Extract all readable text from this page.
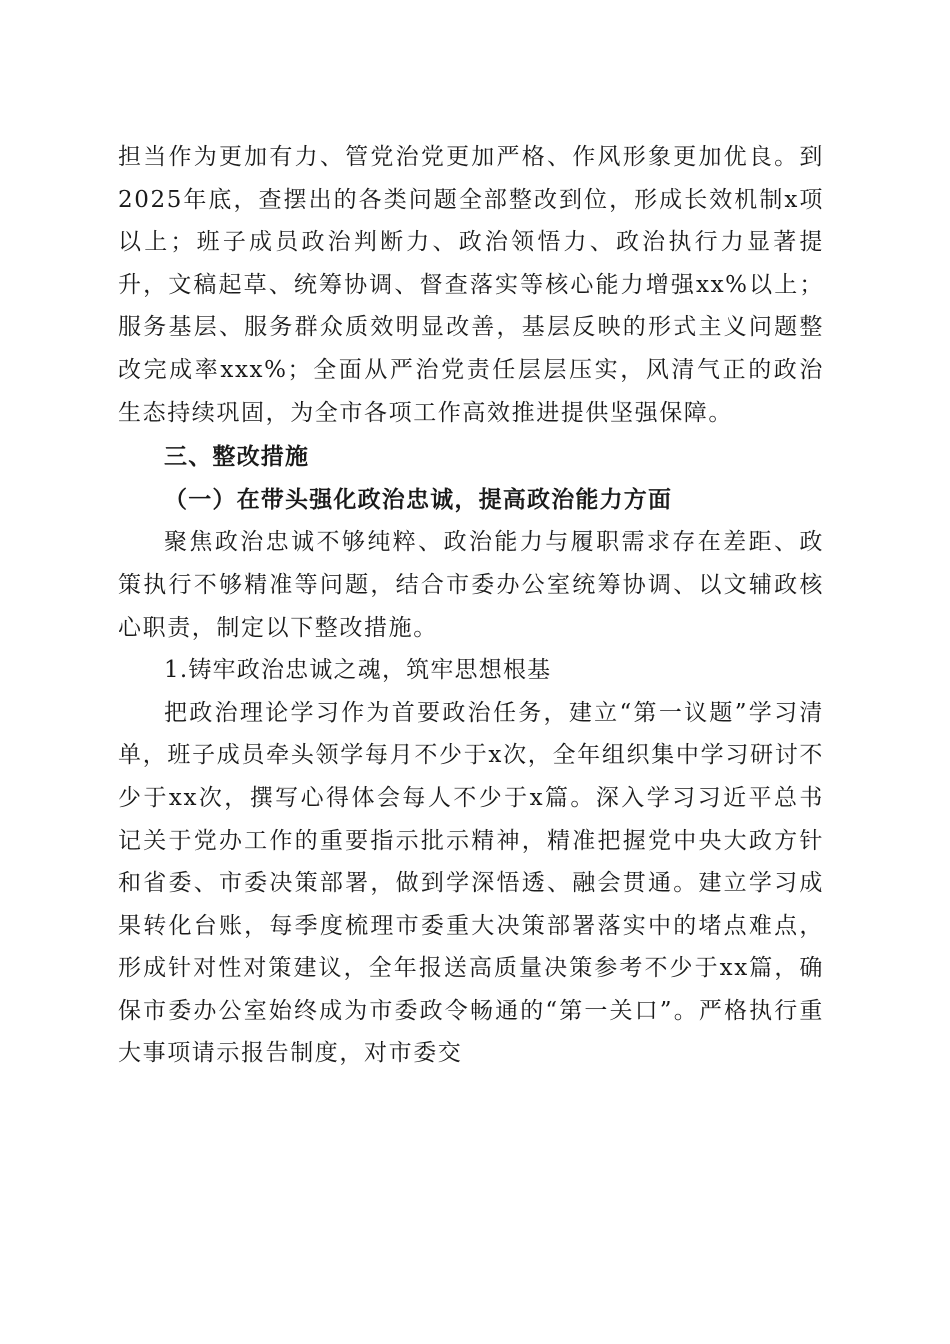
担当作为更加有力、管党治党更加严格、作风形象更加优良。到2025年底，查摆出的各类问题全部整改到位，形成长效机制x项以上；班子成员政治判断力、政治领悟力、政治执行力显著提升，文稿起草、统筹协调、督查落实等核心能力增强xx%以上；服务基层、服务群众质效明显改善，基层反映的形式主义问题整改完成率xxx%；全面从严治党责任层层压实，风清气正的政治生态持续巩固，为全市各项工作高效推进提供坚强保障。

三、整改措施

（一）在带头强化政治忠诚，提高政治能力方面

聚焦政治忠诚不够纯粹、政治能力与履职需求存在差距、政策执行不够精准等问题，结合市委办公室统筹协调、以文辅政核心职责，制定以下整改措施。

1.铸牢政治忠诚之魂，筑牢思想根基

把政治理论学习作为首要政治任务，建立“第一议题”学习清单，班子成员牵头领学每月不少于x次，全年组织集中学习研讨不少于xx次，撰写心得体会每人不少于x篇。深入学习习近平总书记关于党办工作的重要指示批示精神，精准把握党中央大政方针和省委、市委决策部署，做到学深悟透、融会贯通。建立学习成果转化台账，每季度梳理市委重大决策部署落实中的堵点难点，形成针对性对策建议，全年报送高质量决策参考不少于xx篇，确保市委办公室始终成为市委政令畅通的“第一关口”。严格执行重大事项请示报告制度，对市委交
